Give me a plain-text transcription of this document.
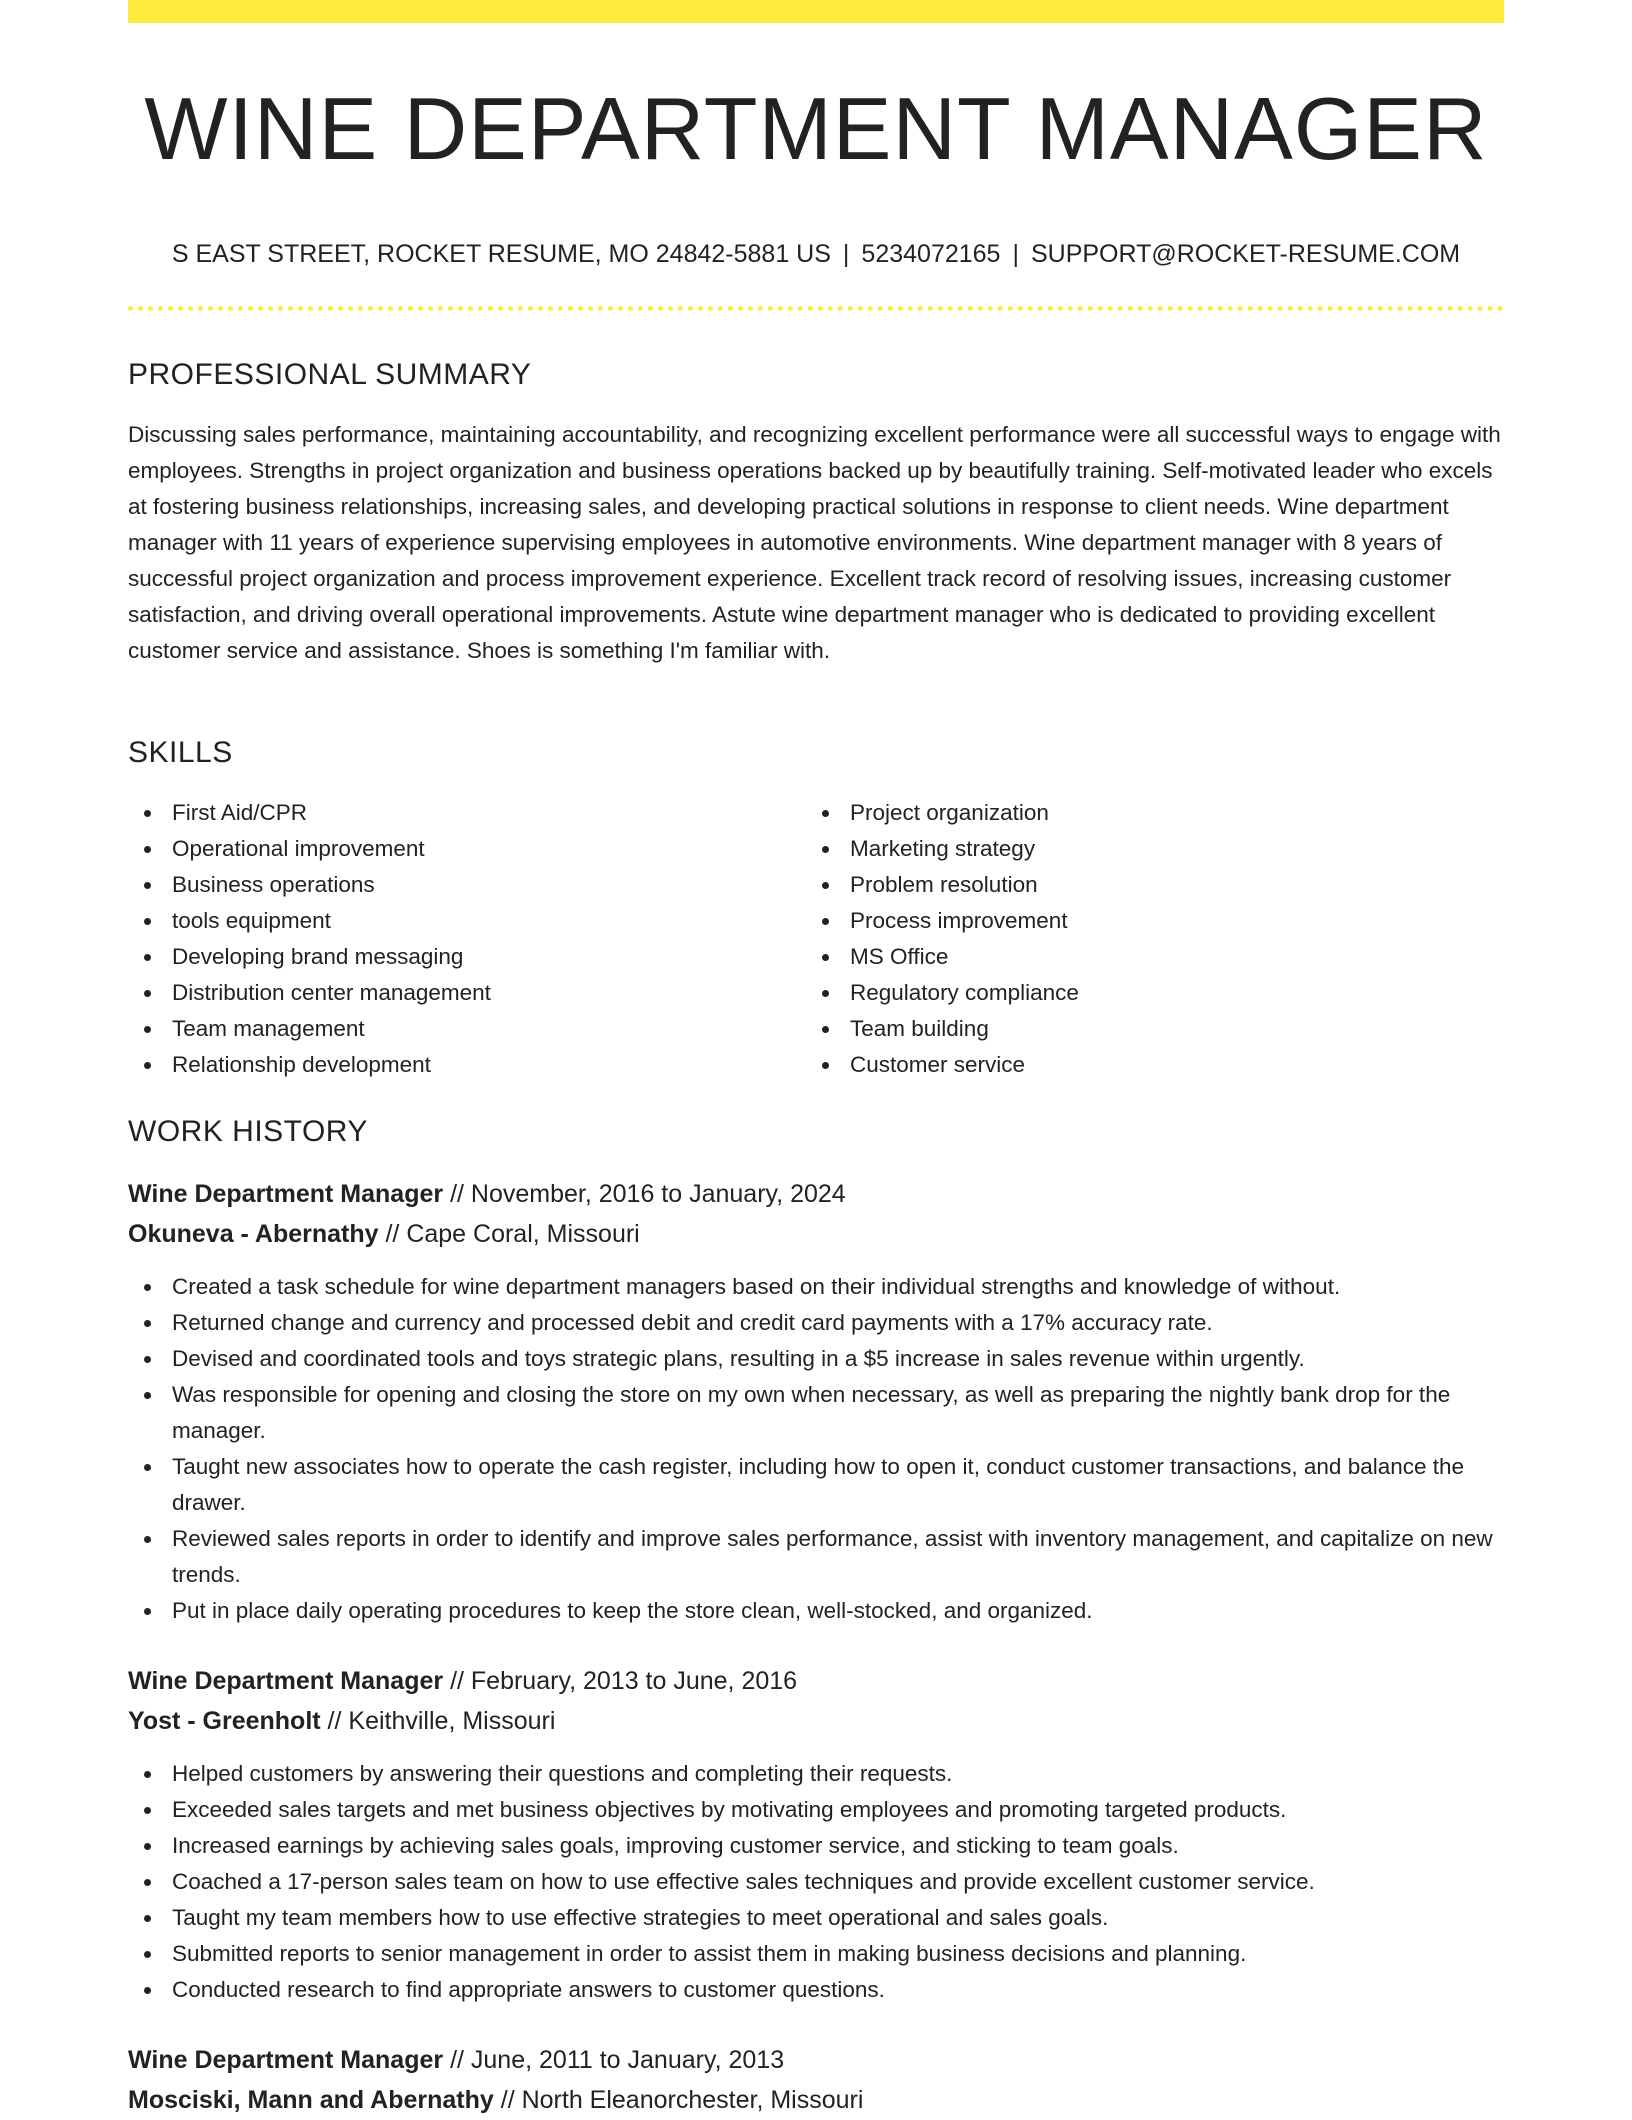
WINE DEPARTMENT MANAGER
S EAST STREET, ROCKET RESUME, MO 24842-5881 US | 5234072165 | SUPPORT@ROCKET-RESUME.COM
PROFESSIONAL SUMMARY
Discussing sales performance, maintaining accountability, and recognizing excellent performance were all successful ways to engage with employees. Strengths in project organization and business operations backed up by beautifully training. Self-motivated leader who excels at fostering business relationships, increasing sales, and developing practical solutions in response to client needs. Wine department manager with 11 years of experience supervising employees in automotive environments. Wine department manager with 8 years of successful project organization and process improvement experience. Excellent track record of resolving issues, increasing customer satisfaction, and driving overall operational improvements. Astute wine department manager who is dedicated to providing excellent customer service and assistance. Shoes is something I'm familiar with.
SKILLS
First Aid/CPR
Operational improvement
Business operations
tools equipment
Developing brand messaging
Distribution center management
Team management
Relationship development
Project organization
Marketing strategy
Problem resolution
Process improvement
MS Office
Regulatory compliance
Team building
Customer service
WORK HISTORY
Wine Department Manager // November, 2016 to January, 2024
Okuneva - Abernathy // Cape Coral, Missouri
Created a task schedule for wine department managers based on their individual strengths and knowledge of without.
Returned change and currency and processed debit and credit card payments with a 17% accuracy rate.
Devised and coordinated tools and toys strategic plans, resulting in a $5 increase in sales revenue within urgently.
Was responsible for opening and closing the store on my own when necessary, as well as preparing the nightly bank drop for the manager.
Taught new associates how to operate the cash register, including how to open it, conduct customer transactions, and balance the drawer.
Reviewed sales reports in order to identify and improve sales performance, assist with inventory management, and capitalize on new trends.
Put in place daily operating procedures to keep the store clean, well-stocked, and organized.
Wine Department Manager // February, 2013 to June, 2016
Yost - Greenholt // Keithville, Missouri
Helped customers by answering their questions and completing their requests.
Exceeded sales targets and met business objectives by motivating employees and promoting targeted products.
Increased earnings by achieving sales goals, improving customer service, and sticking to team goals.
Coached a 17-person sales team on how to use effective sales techniques and provide excellent customer service.
Taught my team members how to use effective strategies to meet operational and sales goals.
Submitted reports to senior management in order to assist them in making business decisions and planning.
Conducted research to find appropriate answers to customer questions.
Wine Department Manager // June, 2011 to January, 2013
Mosciski, Mann and Abernathy // North Eleanorchester, Missouri
